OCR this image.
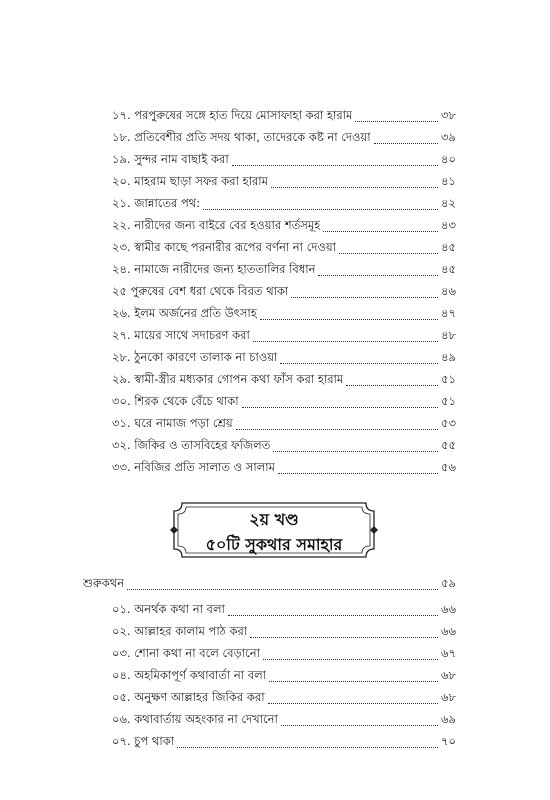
১৭. পরপুরুষের সঙ্গে হাত দিয়ে মোসাফাহা করা হারাম	৩৮
১৮. প্রতিবেশীর প্রতি সদয় থাকা, তাদেরকে কষ্ট না দেওয়া	৩৯
১৯. সুন্দর নাম বাছাই করা	৪০
২০. মাহরাম ছাড়া সফর করা হারাম	৪১
২১. জান্নাতের পথ:	৪২
২২. নারীদের জন্য বাইরে বের হওয়ার শর্তসমূহ	৪৩
২৩. স্বামীর কাছে পরনারীর রূপের বর্ণনা না দেওয়া	৪৫
২৪. নামাজে নারীদের জন্য হাততালির বিধান	৪৫
২৫ পুরুষের বেশ ধরা থেকে বিরত থাকা	৪৬
২৬. ইলম অর্জনের প্রতি উৎসাহ	৪৭
২৭. মায়ের সাথে সদাচরণ করা	৪৮
২৮. ঠুনকো কারণে তালাক না চাওয়া	৪৯
২৯. স্বামী-স্ত্রীর মধ্যকার গোপন কথা ফাঁস করা হারাম	৫১
৩০. শিরক থেকে বেঁচে থাকা	৫১
৩১. ঘরে নামাজ পড়া শ্রেয়	৫৩
৩২. জিকির ও তাসবিহের ফজিলত	৫৫
৩৩. নবিজির প্রতি সালাত ও সালাম	৫৬
২য় খণ্ড
৫০টি সুকথার সমাহার
শুরুকথন	৫৯
০১. অনর্থক কথা না বলা	৬৬
০২. আল্লাহর কালাম পাঠ করা	৬৬
০৩. শোনা কথা না বলে বেড়ানো	৬৭
০৪. অহমিকাপূর্ণ কথাবার্তা না বলা	৬৮
০৫. অনুক্ষণ আল্লাহর জিকির করা	৬৮
০৬. কথাবার্তায় অহংকার না দেখানো	৬৯
০৭. চুপ থাকা	৭০
